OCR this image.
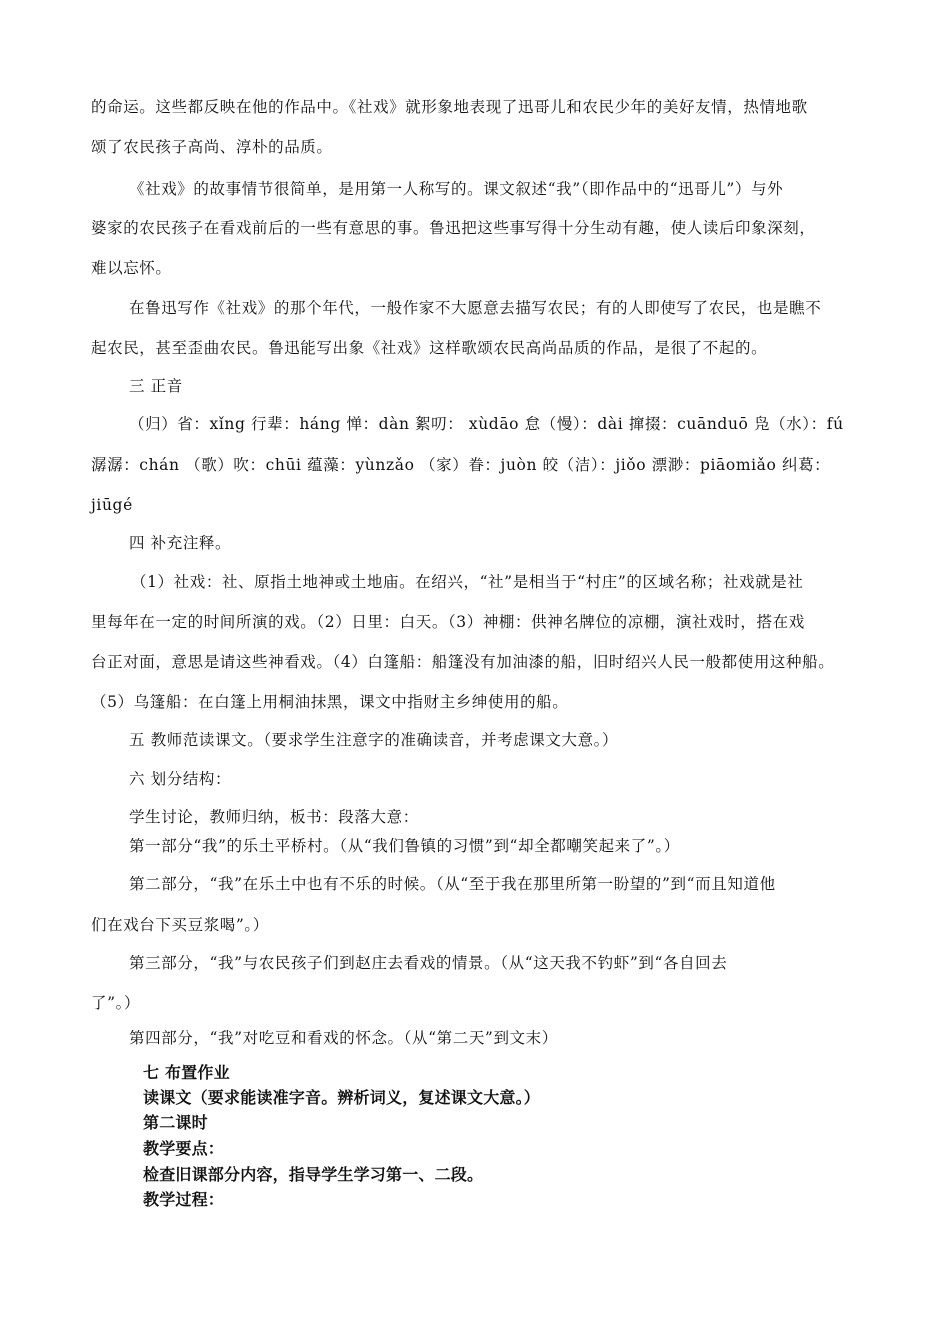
的命运。这些都反映在他的作品中。《社戏》就形象地表现了迅哥儿和农民少年的美好友情，热情地歌
颂了农民孩子高尚、淳朴的品质。
《社戏》的故事情节很简单，是用第一人称写的。课文叙述“我”（即作品中的“迅哥儿”）与外
婆家的农民孩子在看戏前后的一些有意思的事。鲁迅把这些事写得十分生动有趣，使人读后印象深刻，
难以忘怀。
在鲁迅写作《社戏》的那个年代，一般作家不大愿意去描写农民；有的人即使写了农民，也是瞧不
起农民，甚至歪曲农民。鲁迅能写出象《社戏》这样歌颂农民高尚品质的作品，是很了不起的。
三 正音
（归）省：xǐng 行辈：háng 惮：dàn 絮叨： xùdāo 怠（慢）：dài 撺掇：cuānduō 凫（水）：fú
潺潺：chán （歌）吹：chūi 蕴藻：yùnzǎo （家）眷：juòn 皎（洁）：jiǒo 漂渺：piāomiǎo 纠葛：
jiūgé
四 补充注释。
（1）社戏：社、原指土地神或土地庙。在绍兴，“社”是相当于“村庄”的区域名称；社戏就是社
里每年在一定的时间所演的戏。（2）日里：白天。（3）神棚：供神名牌位的凉棚，演社戏时，搭在戏
台正对面，意思是请这些神看戏。（4）白篷船：船篷没有加油漆的船，旧时绍兴人民一般都使用这种船。
（5）乌篷船：在白篷上用桐油抹黑，课文中指财主乡绅使用的船。
五 教师范读课文。（要求学生注意字的准确读音，并考虑课文大意。）
六 划分结构：
学生讨论，教师归纳，板书：段落大意：
第一部分“我”的乐土平桥村。（从“我们鲁镇的习惯”到“却全都嘲笑起来了”。）
第二部分，“我”在乐土中也有不乐的时候。（从“至于我在那里所第一盼望的”到“而且知道他
们在戏台下买豆浆喝”。）
第三部分，“我”与农民孩子们到赵庄去看戏的情景。（从“这天我不钓虾”到“各自回去
了”。）
第四部分，“我”对吃豆和看戏的怀念。（从“第二天”到文末）
七 布置作业
读课文（要求能读准字音。辨析词义，复述课文大意。）
第二课时
教学要点：
检查旧课部分内容，指导学生学习第一、二段。
教学过程：
